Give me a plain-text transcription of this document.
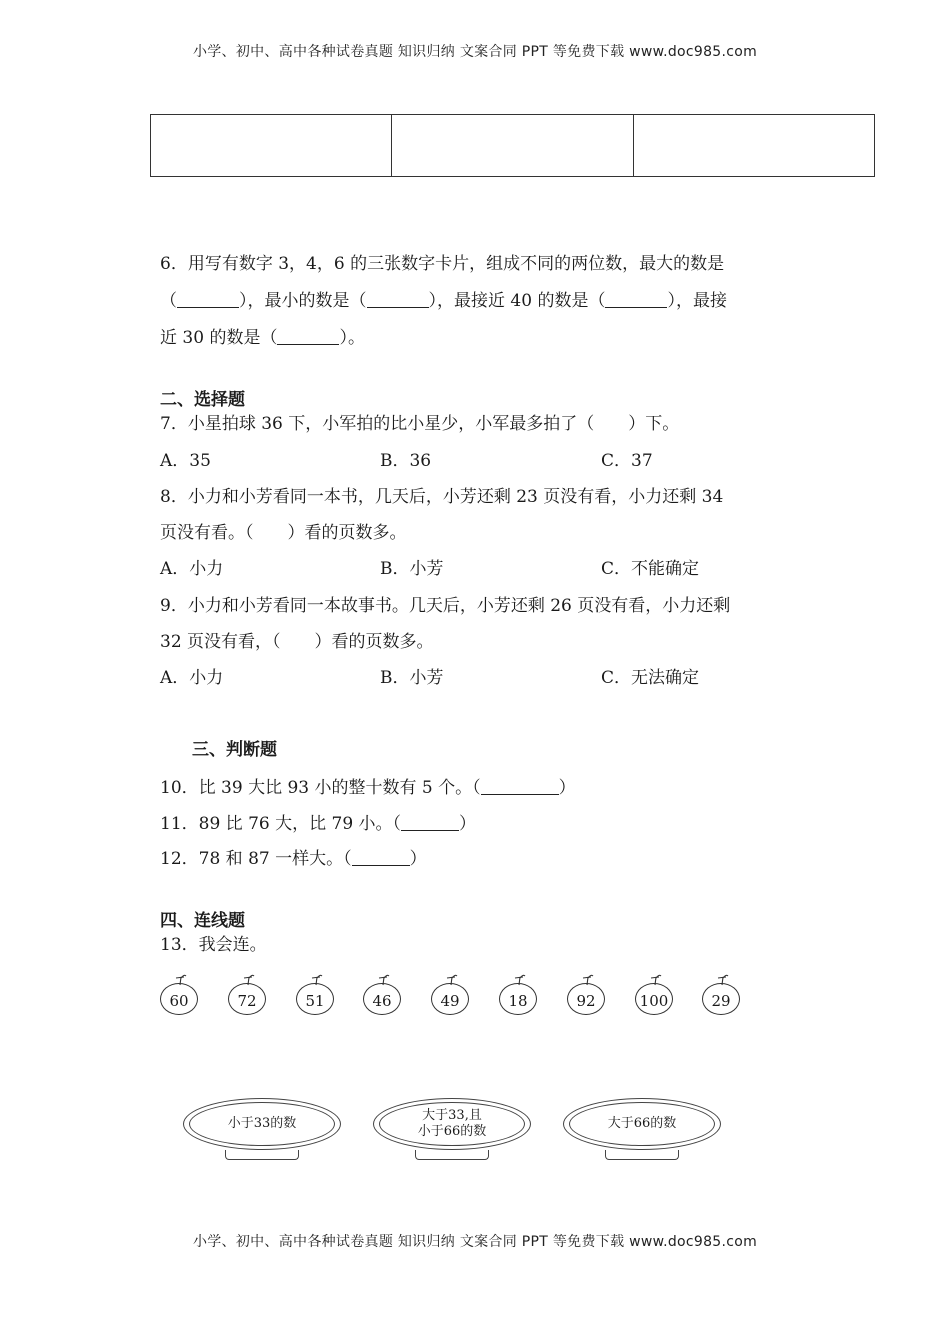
小学、初中、高中各种试卷真题 知识归纳 文案合同 PPT 等免费下载 www.doc985.com
6．用写有数字 3，4，6 的三张数字卡片，组成不同的两位数，最大的数是
（	），最小的数是（	），最接近 40 的数是（	），最接
近 30 的数是（	）。
二、选择题
7．小星拍球 36 下，小军拍的比小星少，小军最多拍了（　　）下。
A．35	B．36	C．37
8．小力和小芳看同一本书，几天后，小芳还剩 23 页没有看，小力还剩 34
页没有看。（　　）看的页数多。
A．小力	B．小芳	C．不能确定
9．小力和小芳看同一本故事书。几天后，小芳还剩 26 页没有看，小力还剩
32 页没有看，（　　）看的页数多。
A．小力	B．小芳	C．无法确定
三、判断题
10．比 39 大比 93 小的整十数有 5 个。（	）
11．89 比 76 大，比 79 小。（	）
12．78 和 87 一样大。（	）
四、连线题
13．我会连。
60	72	51	46	49	18	92	100	29
小于33的数
大于33,且
小于66的数
大于66的数
小学、初中、高中各种试卷真题 知识归纳 文案合同 PPT 等免费下载 www.doc985.com
